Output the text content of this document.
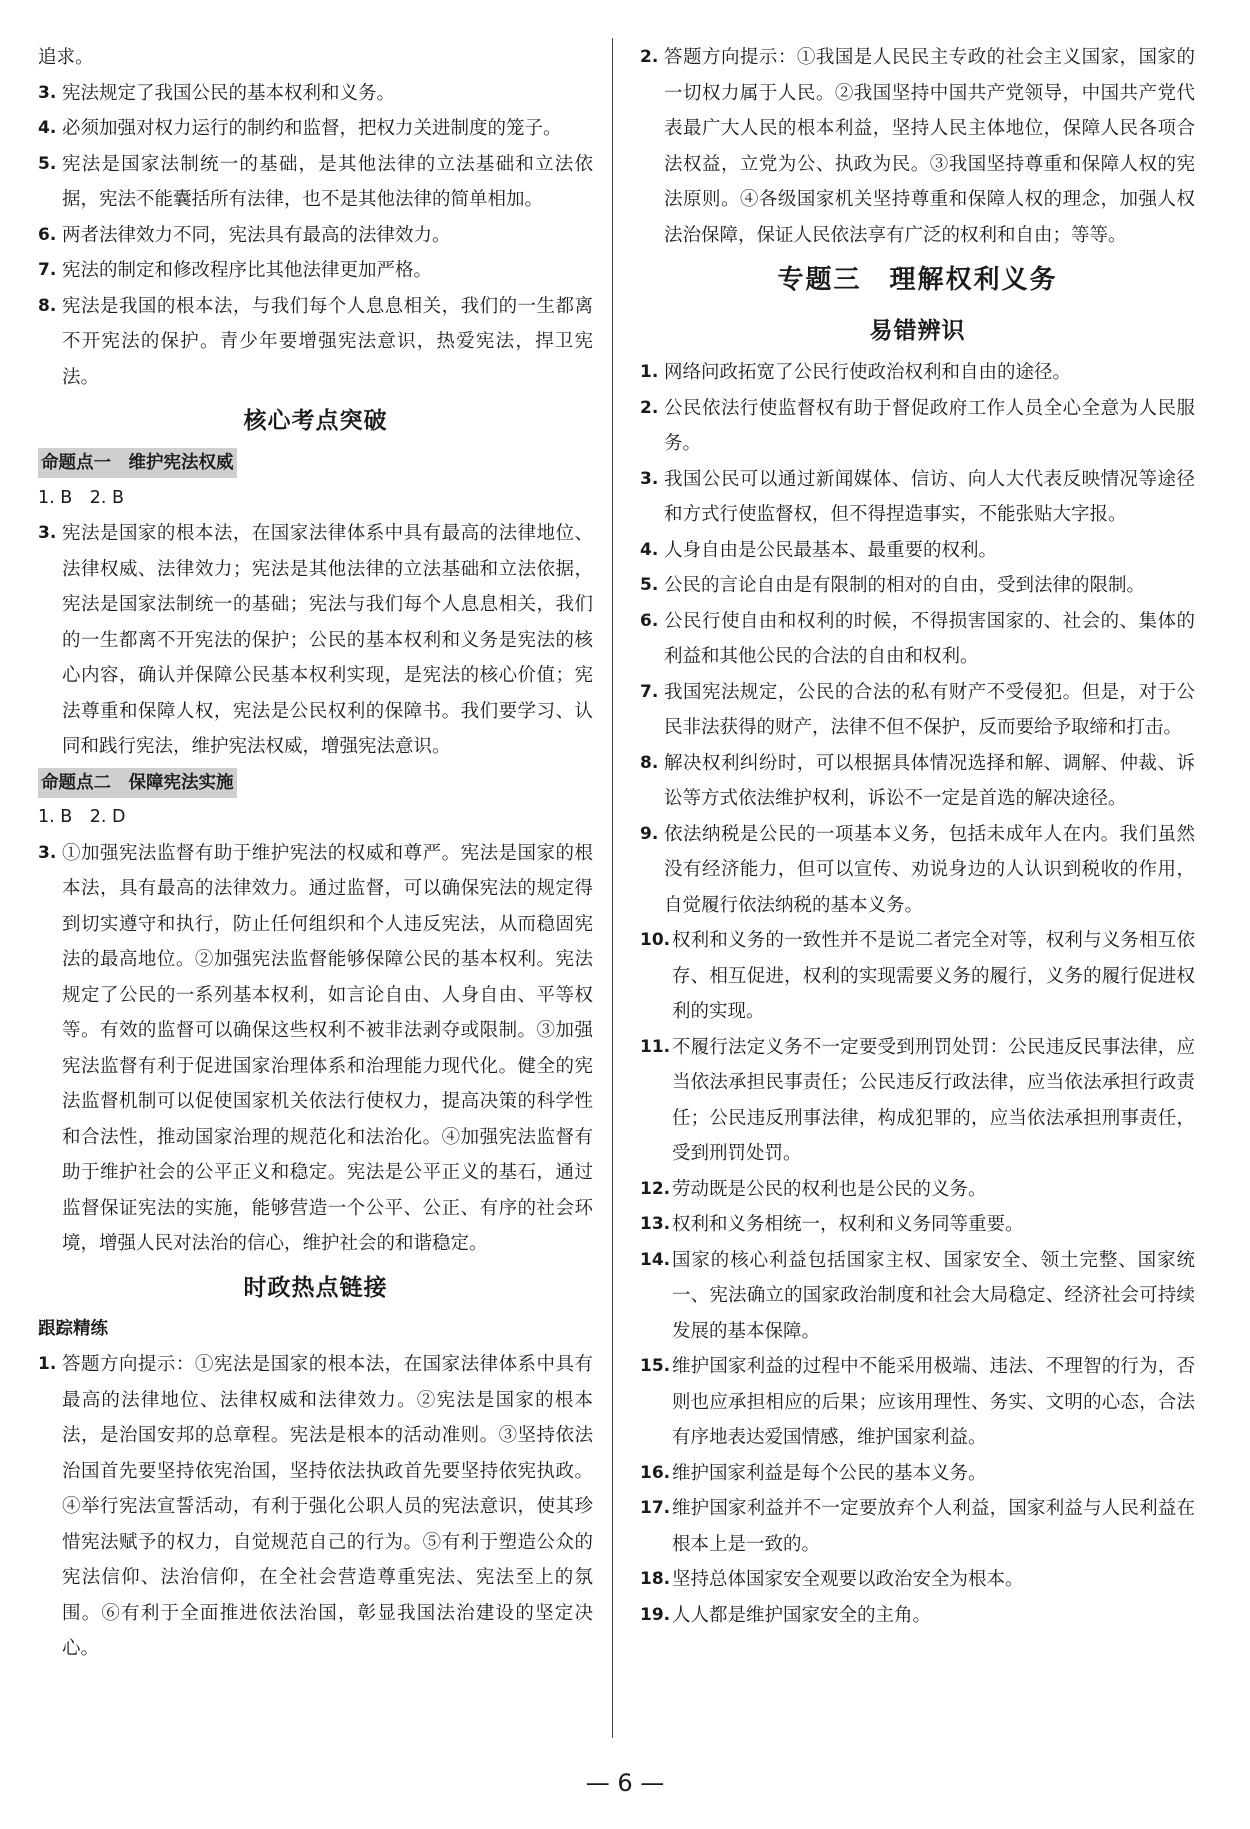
追求。
3. 宪法规定了我国公民的基本权利和义务。
4. 必须加强对权力运行的制约和监督，把权力关进制度的笼子。
5. 宪法是国家法制统一的基础，是其他法律的立法基础和立法依据，宪法不能囊括所有法律，也不是其他法律的简单相加。
6. 两者法律效力不同，宪法具有最高的法律效力。
7. 宪法的制定和修改程序比其他法律更加严格。
8. 宪法是我国的根本法，与我们每个人息息相关，我们的一生都离不开宪法的保护。青少年要增强宪法意识，热爱宪法，捍卫宪法。
核心考点突破
命题点一　维护宪法权威
1. B　2. B
3. 宪法是国家的根本法，在国家法律体系中具有最高的法律地位、法律权威、法律效力；宪法是其他法律的立法基础和立法依据，宪法是国家法制统一的基础；宪法与我们每个人息息相关，我们的一生都离不开宪法的保护；公民的基本权利和义务是宪法的核心内容，确认并保障公民基本权利实现，是宪法的核心价值；宪法尊重和保障人权，宪法是公民权利的保障书。我们要学习、认同和践行宪法，维护宪法权威，增强宪法意识。
命题点二　保障宪法实施
1. B　2. D
3. ①加强宪法监督有助于维护宪法的权威和尊严。宪法是国家的根本法，具有最高的法律效力。通过监督，可以确保宪法的规定得到切实遵守和执行，防止任何组织和个人违反宪法，从而稳固宪法的最高地位。②加强宪法监督能够保障公民的基本权利。宪法规定了公民的一系列基本权利，如言论自由、人身自由、平等权等。有效的监督可以确保这些权利不被非法剥夺或限制。③加强宪法监督有利于促进国家治理体系和治理能力现代化。健全的宪法监督机制可以促使国家机关依法行使权力，提高决策的科学性和合法性，推动国家治理的规范化和法治化。④加强宪法监督有助于维护社会的公平正义和稳定。宪法是公平正义的基石，通过监督保证宪法的实施，能够营造一个公平、公正、有序的社会环境，增强人民对法治的信心，维护社会的和谐稳定。
时政热点链接
跟踪精练
1. 答题方向提示：①宪法是国家的根本法，在国家法律体系中具有最高的法律地位、法律权威和法律效力。②宪法是国家的根本法，是治国安邦的总章程。宪法是根本的活动准则。③坚持依法治国首先要坚持依宪治国，坚持依法执政首先要坚持依宪执政。④举行宪法宣誓活动，有利于强化公职人员的宪法意识，使其珍惜宪法赋予的权力，自觉规范自己的行为。⑤有利于塑造公众的宪法信仰、法治信仰，在全社会营造尊重宪法、宪法至上的氛围。⑥有利于全面推进依法治国，彰显我国法治建设的坚定决心。
2. 答题方向提示：①我国是人民民主专政的社会主义国家，国家的一切权力属于人民。②我国坚持中国共产党领导，中国共产党代表最广大人民的根本利益，坚持人民主体地位，保障人民各项合法权益，立党为公、执政为民。③我国坚持尊重和保障人权的宪法原则。④各级国家机关坚持尊重和保障人权的理念，加强人权法治保障，保证人民依法享有广泛的权利和自由；等等。
专题三　理解权利义务
易错辨识
1. 网络问政拓宽了公民行使政治权利和自由的途径。
2. 公民依法行使监督权有助于督促政府工作人员全心全意为人民服务。
3. 我国公民可以通过新闻媒体、信访、向人大代表反映情况等途径和方式行使监督权，但不得捏造事实，不能张贴大字报。
4. 人身自由是公民最基本、最重要的权利。
5. 公民的言论自由是有限制的相对的自由，受到法律的限制。
6. 公民行使自由和权利的时候，不得损害国家的、社会的、集体的利益和其他公民的合法的自由和权利。
7. 我国宪法规定，公民的合法的私有财产不受侵犯。但是，对于公民非法获得的财产，法律不但不保护，反而要给予取缔和打击。
8. 解决权利纠纷时，可以根据具体情况选择和解、调解、仲裁、诉讼等方式依法维护权利，诉讼不一定是首选的解决途径。
9. 依法纳税是公民的一项基本义务，包括未成年人在内。我们虽然没有经济能力，但可以宣传、劝说身边的人认识到税收的作用，自觉履行依法纳税的基本义务。
10. 权利和义务的一致性并不是说二者完全对等，权利与义务相互依存、相互促进，权利的实现需要义务的履行，义务的履行促进权利的实现。
11. 不履行法定义务不一定要受到刑罚处罚：公民违反民事法律，应当依法承担民事责任；公民违反行政法律，应当依法承担行政责任；公民违反刑事法律，构成犯罪的，应当依法承担刑事责任，受到刑罚处罚。
12. 劳动既是公民的权利也是公民的义务。
13. 权利和义务相统一，权利和义务同等重要。
14. 国家的核心利益包括国家主权、国家安全、领土完整、国家统一、宪法确立的国家政治制度和社会大局稳定、经济社会可持续发展的基本保障。
15. 维护国家利益的过程中不能采用极端、违法、不理智的行为，否则也应承担相应的后果；应该用理性、务实、文明的心态，合法有序地表达爱国情感，维护国家利益。
16. 维护国家利益是每个公民的基本义务。
17. 维护国家利益并不一定要放弃个人利益，国家利益与人民利益在根本上是一致的。
18. 坚持总体国家安全观要以政治安全为根本。
19. 人人都是维护国家安全的主角。
— 6 —
